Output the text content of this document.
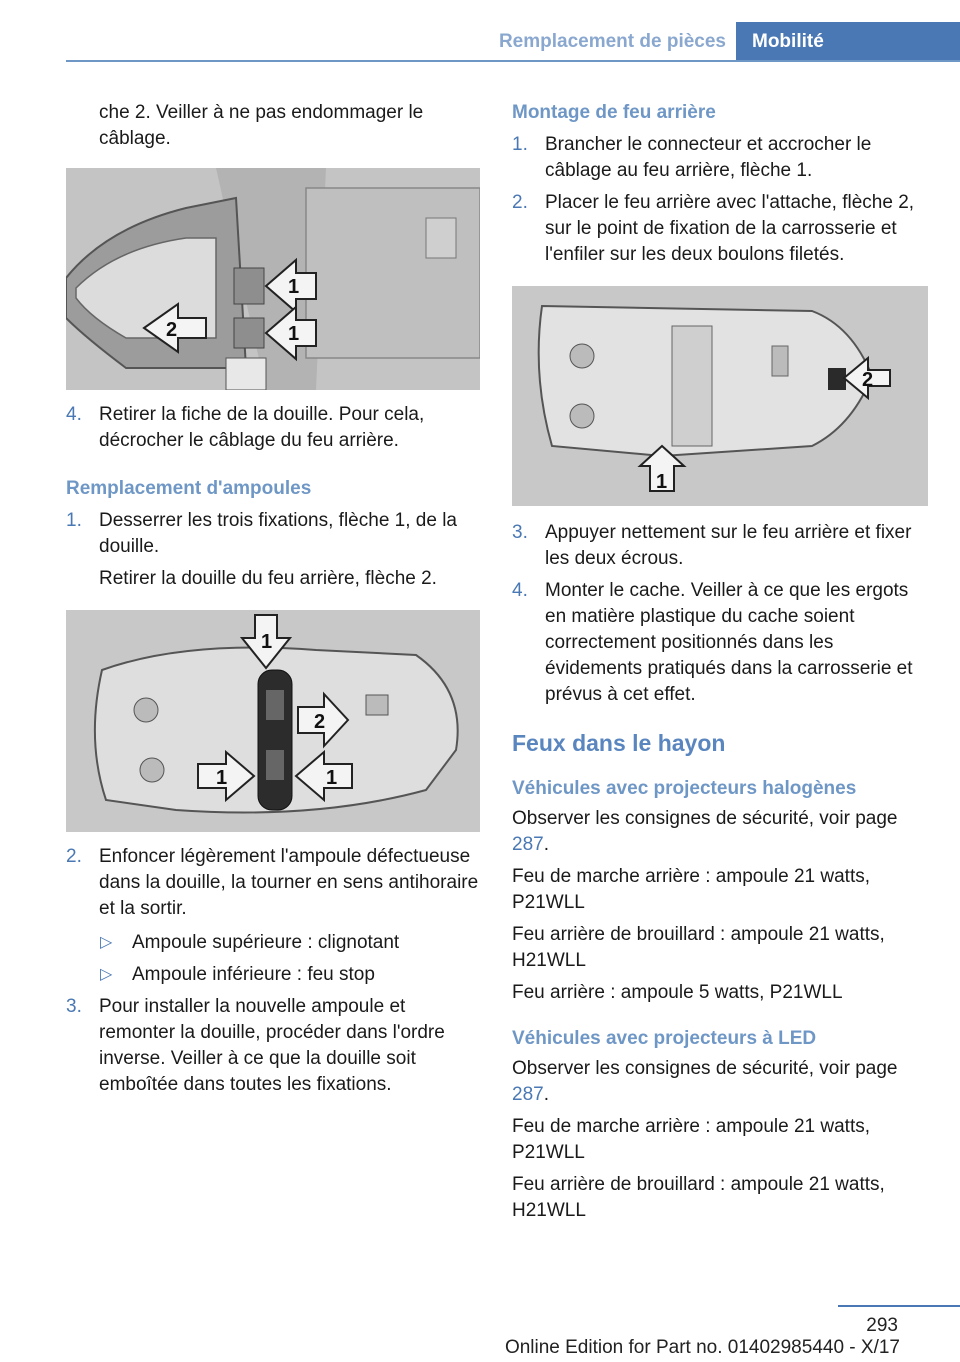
Remplacement de pièces	Mobilité

che 2. Veiller à ne pas endommager le câblage.

1
1
2
4. Retirer la fiche de la douille. Pour cela, décrocher le câblage du feu arrière.
Remplacement d'ampoules
1. Desserrer les trois fixations, flèche 1, de la douille.

Retirer la douille du feu arrière, flèche 2.

1
2
1	1
2. Enfoncer légèrement l'ampoule défectueuse dans la douille, la tourner en sens antihoraire et la sortir.
▷ Ampoule supérieure : clignotant
▷ Ampoule inférieure : feu stop
3. Pour installer la nouvelle ampoule et remonter la douille, procéder dans l'ordre inverse. Veiller à ce que la douille soit emboîtée dans toutes les fixations.
Montage de feu arrière
1. Brancher le connecteur et accrocher le câblage au feu arrière, flèche 1.
2. Placer le feu arrière avec l'attache, flèche 2, sur le point de fixation de la carrosserie et l'enfiler sur les deux boulons filetés.
2
1
3. Appuyer nettement sur le feu arrière et fixer les deux écrous.
4. Monter le cache. Veiller à ce que les ergots en matière plastique du cache soient correctement positionnés dans les évidements pratiqués dans la carrosserie et prévus à cet effet.
Feux dans le hayon
Véhicules avec projecteurs halogènes

Observer les consignes de sécurité, voir page 287.

Feu de marche arrière : ampoule 21 watts, P21WLL

Feu arrière de brouillard : ampoule 21 watts, H21WLL

Feu arrière : ampoule 5 watts, P21WLL

Véhicules avec projecteurs à LED

Observer les consignes de sécurité, voir page 287.

Feu de marche arrière : ampoule 21 watts, P21WLL

Feu arrière de brouillard : ampoule 21 watts, H21WLL

293
Online Edition for Part no. 01402985440 - X/17
